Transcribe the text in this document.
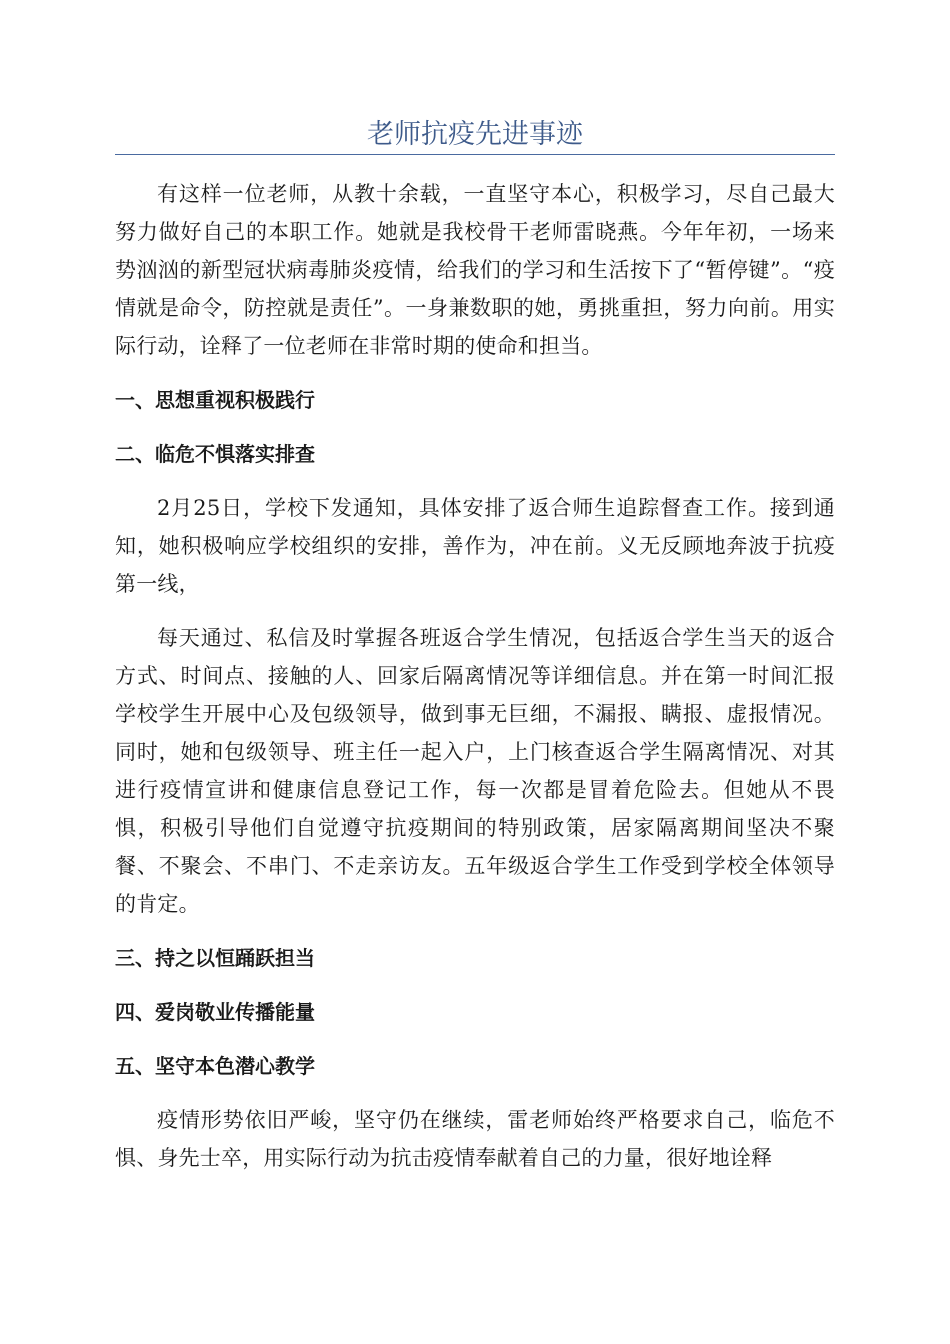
老师抗疫先进事迹

有这样一位老师，从教十余载，一直坚守本心，积极学习，尽自己最大努力做好自己的本职工作。她就是我校骨干老师雷晓燕。今年年初，一场来势汹汹的新型冠状病毒肺炎疫情，给我们的学习和生活按下了“暂停键”。“疫情就是命令，防控就是责任”。一身兼数职的她，勇挑重担，努力向前。用实际行动，诠释了一位老师在非常时期的使命和担当。

一、思想重视积极践行
二、临危不惧落实排查

2月25日，学校下发通知，具体安排了返合师生追踪督查工作。接到通知，她积极响应学校组织的安排，善作为，冲在前。义无反顾地奔波于抗疫第一线，

每天通过、私信及时掌握各班返合学生情况，包括返合学生当天的返合方式、时间点、接触的人、回家后隔离情况等详细信息。并在第一时间汇报学校学生开展中心及包级领导，做到事无巨细，不漏报、瞒报、虚报情况。同时，她和包级领导、班主任一起入户，上门核查返合学生隔离情况、对其进行疫情宣讲和健康信息登记工作，每一次都是冒着危险去。但她从不畏惧，积极引导他们自觉遵守抗疫期间的特别政策，居家隔离期间坚决不聚餐、不聚会、不串门、不走亲访友。五年级返合学生工作受到学校全体领导的肯定。

三、持之以恒踊跃担当
四、爱岗敬业传播能量
五、坚守本色潜心教学

疫情形势依旧严峻，坚守仍在继续，雷老师始终严格要求自己，临危不惧、身先士卒，用实际行动为抗击疫情奉献着自己的力量，很好地诠释
